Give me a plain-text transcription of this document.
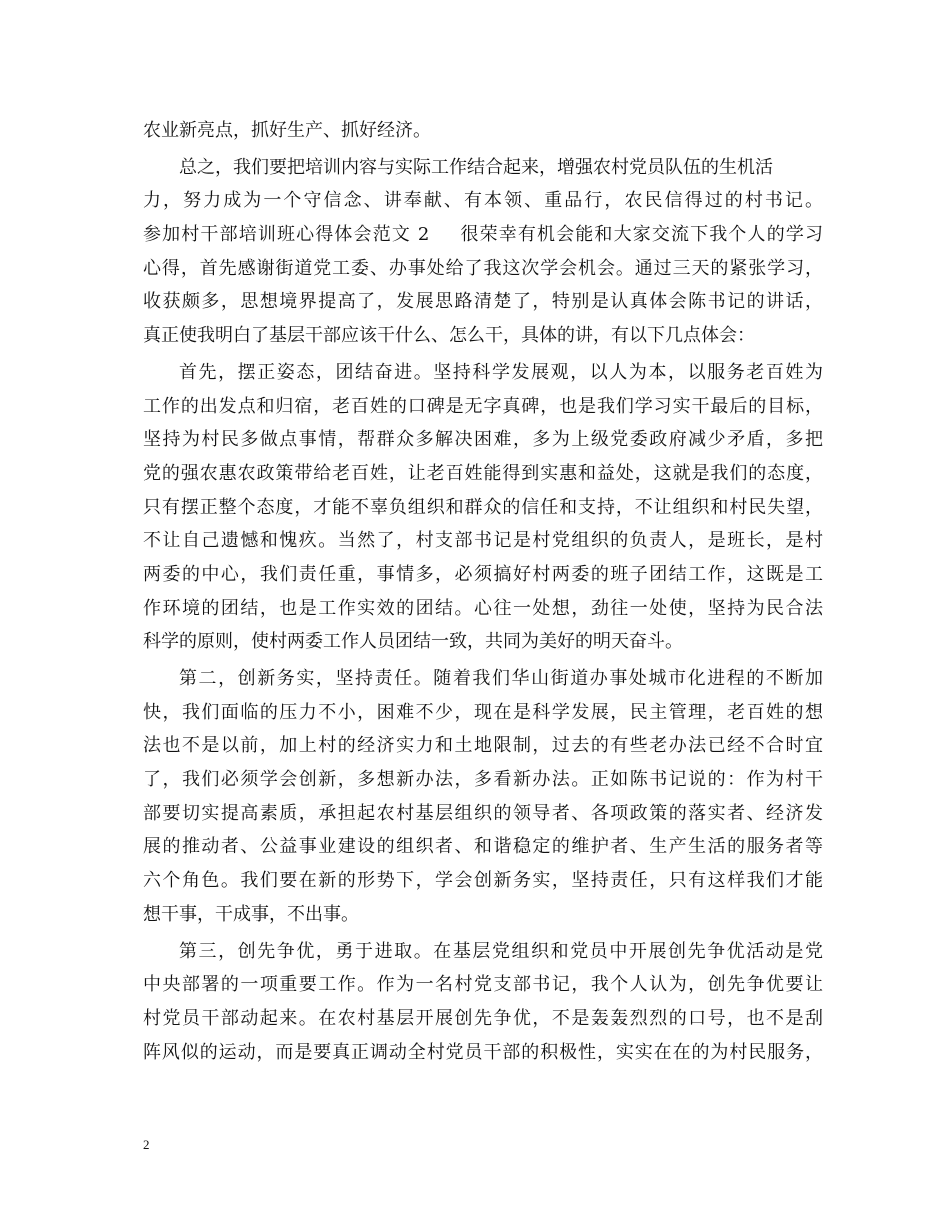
农业新亮点，抓好生产、抓好经济。
总之，我们要把培训内容与实际工作结合起来，增强农村党员队伍的生机活
力，努力成为一个守信念、讲奉献、有本领、重品行，农民信得过的村书记。
参加村干部培训班心得体会范文 2 很荣幸有机会能和大家交流下我个人的学习
心得，首先感谢街道党工委、办事处给了我这次学会机会。通过三天的紧张学习，
收获颇多，思想境界提高了，发展思路清楚了，特别是认真体会陈书记的讲话，
真正使我明白了基层干部应该干什么、怎么干，具体的讲，有以下几点体会：
首先，摆正姿态，团结奋进。坚持科学发展观，以人为本，以服务老百姓为
工作的出发点和归宿，老百姓的口碑是无字真碑，也是我们学习实干最后的目标，
坚持为村民多做点事情，帮群众多解决困难，多为上级党委政府减少矛盾，多把
党的强农惠农政策带给老百姓，让老百姓能得到实惠和益处，这就是我们的态度，
只有摆正整个态度，才能不辜负组织和群众的信任和支持，不让组织和村民失望，
不让自己遗憾和愧疚。当然了，村支部书记是村党组织的负责人，是班长，是村
两委的中心，我们责任重，事情多，必须搞好村两委的班子团结工作，这既是工
作环境的团结，也是工作实效的团结。心往一处想，劲往一处使，坚持为民合法
科学的原则，使村两委工作人员团结一致，共同为美好的明天奋斗。
第二，创新务实，坚持责任。随着我们华山街道办事处城市化进程的不断加
快，我们面临的压力不小，困难不少，现在是科学发展，民主管理，老百姓的想
法也不是以前，加上村的经济实力和土地限制，过去的有些老办法已经不合时宜
了，我们必须学会创新，多想新办法，多看新办法。正如陈书记说的：作为村干
部要切实提高素质，承担起农村基层组织的领导者、各项政策的落实者、经济发
展的推动者、公益事业建设的组织者、和谐稳定的维护者、生产生活的服务者等
六个角色。我们要在新的形势下，学会创新务实，坚持责任，只有这样我们才能
想干事，干成事，不出事。
第三，创先争优，勇于进取。在基层党组织和党员中开展创先争优活动是党
中央部署的一项重要工作。作为一名村党支部书记，我个人认为，创先争优要让
村党员干部动起来。在农村基层开展创先争优，不是轰轰烈烈的口号，也不是刮
阵风似的运动，而是要真正调动全村党员干部的积极性，实实在在的为村民服务，
2
